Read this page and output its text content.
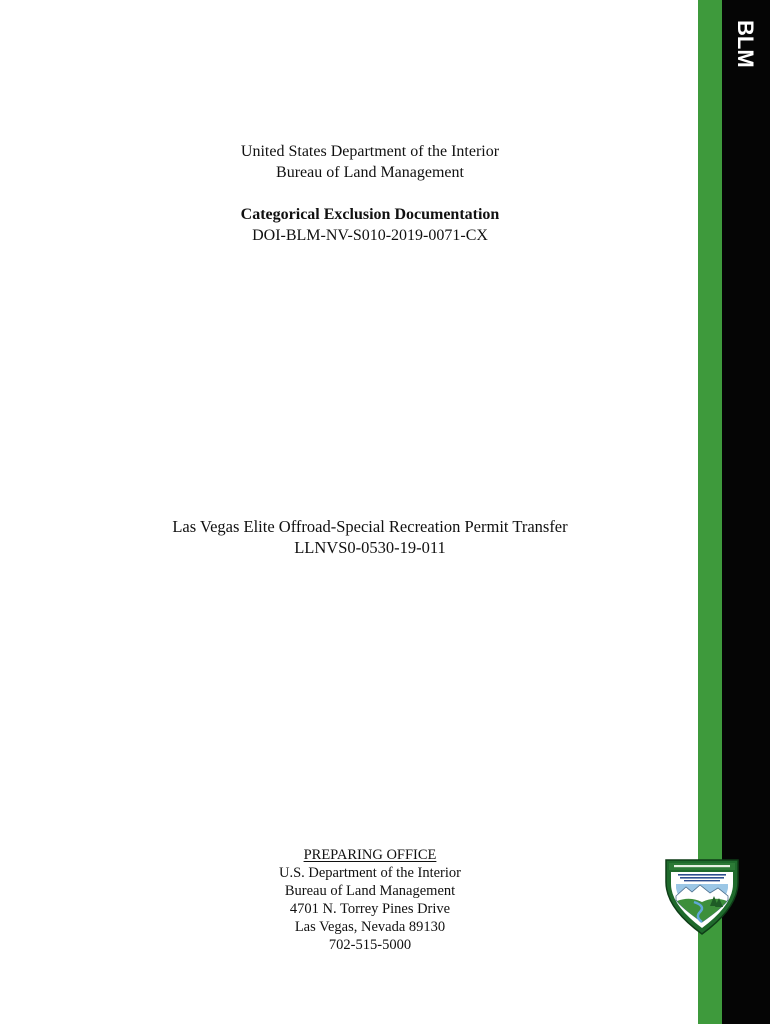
BLM
United States Department of the Interior
Bureau of Land Management
Categorical Exclusion Documentation
DOI-BLM-NV-S010-2019-0071-CX
Las Vegas Elite Offroad-Special Recreation Permit Transfer
LLNVS0-0530-19-011
PREPARING OFFICE
U.S. Department of the Interior
Bureau of Land Management
4701 N. Torrey Pines Drive
Las Vegas, Nevada 89130
702-515-5000
